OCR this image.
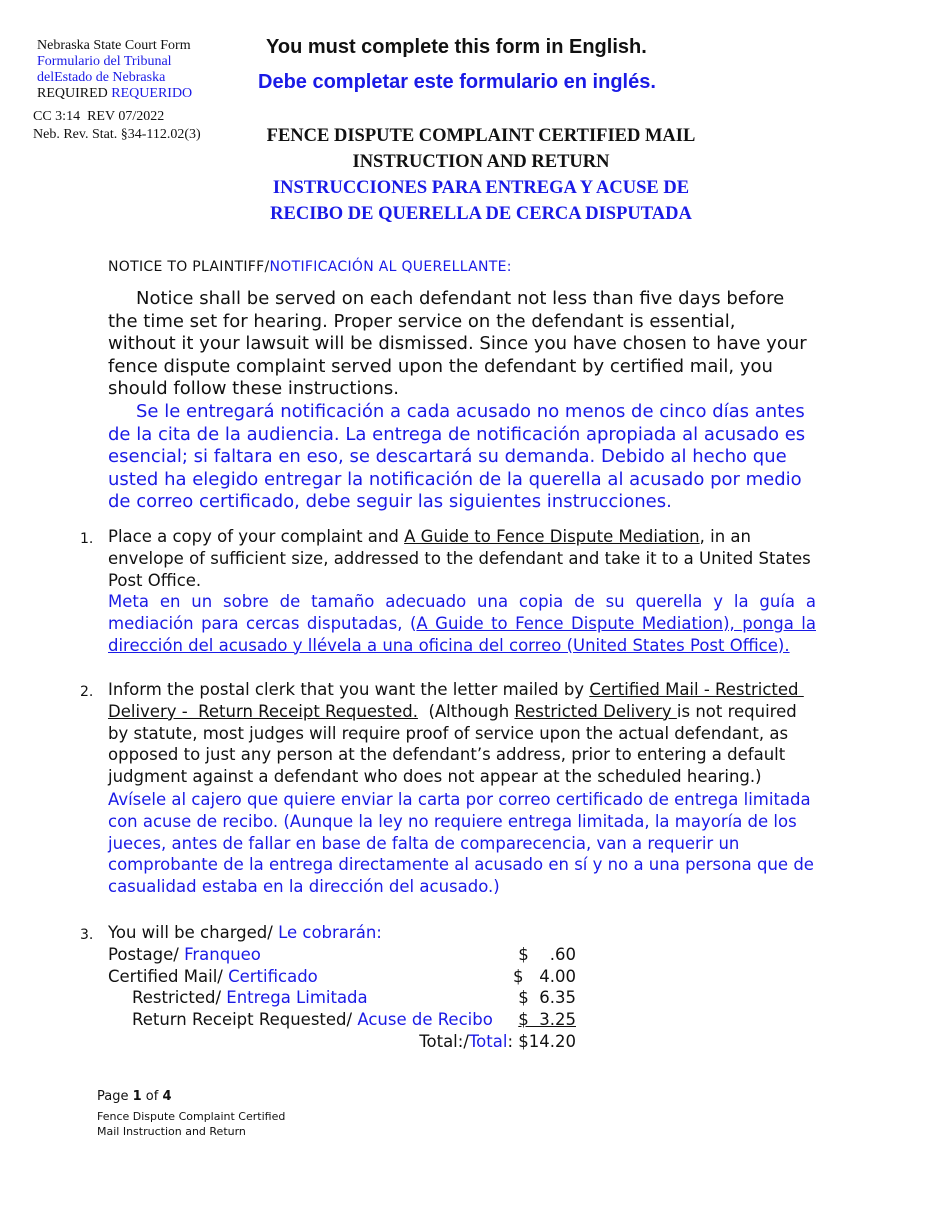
Nebraska State Court Form
Formulario del Tribunal
delEstado de Nebraska
REQUIRED REQUERIDO
CC 3:14  REV 07/2022
Neb. Rev. Stat. §34-112.02(3)
You must complete this form in English.
Debe completar este formulario en inglés.
FENCE DISPUTE COMPLAINT CERTIFIED MAIL
INSTRUCTION AND RETURN
INSTRUCCIONES PARA ENTREGA Y ACUSE DE
RECIBO DE QUERELLA DE CERCA DISPUTADA
NOTICE TO PLAINTIFF/NOTIFICACIÓN AL QUERELLANTE:
Notice shall be served on each defendant not less than five days before the time set for hearing. Proper service on the defendant is essential, without it your lawsuit will be dismissed. Since you have chosen to have your fence dispute complaint served upon the defendant by certified mail, you should follow these instructions.
Se le entregará notificación a cada acusado no menos de cinco días antes de la cita de la audiencia. La entrega de notificación apropiada al acusado es esencial; si faltara en eso, se descartará su demanda. Debido al hecho que usted ha elegido entregar la notificación de la querella al acusado por medio de correo certificado, debe seguir las siguientes instrucciones.
1. Place a copy of your complaint and A Guide to Fence Dispute Mediation, in an envelope of sufficient size, addressed to the defendant and take it to a United States Post Office.
Meta en un sobre de tamaño adecuado una copia de su querella y la guía a mediación para cercas disputadas, (A Guide to Fence Dispute Mediation), ponga la dirección del acusado y llévela a una oficina del correo (United States Post Office).
2. Inform the postal clerk that you want the letter mailed by Certified Mail - Restricted Delivery -  Return Receipt Requested.  (Although Restricted Delivery is not required by statute, most judges will require proof of service upon the actual defendant, as opposed to just any person at the defendant’s address, prior to entering a default judgment against a defendant who does not appear at the scheduled hearing.)
Avísele al cajero que quiere enviar la carta por correo certificado de entrega limitada con acuse de recibo. (Aunque la ley no requiere entrega limitada, la mayoría de los jueces, antes de fallar en base de falta de comparecencia, van a requerir un comprobante de la entrega directamente al acusado en sí y no a una persona que de casualidad estaba en la dirección del acusado.)
3. You will be charged/ Le cobrarán:
Postage/ Franqueo	$    .60
Certified Mail/ Certificado	$   4.00
Restricted/ Entrega Limitada	$  6.35
Return Receipt Requested/ Acuse de Recibo $  3.25
Total:/Total: $14.20
Page 1 of 4
Fence Dispute Complaint Certified
Mail Instruction and Return
